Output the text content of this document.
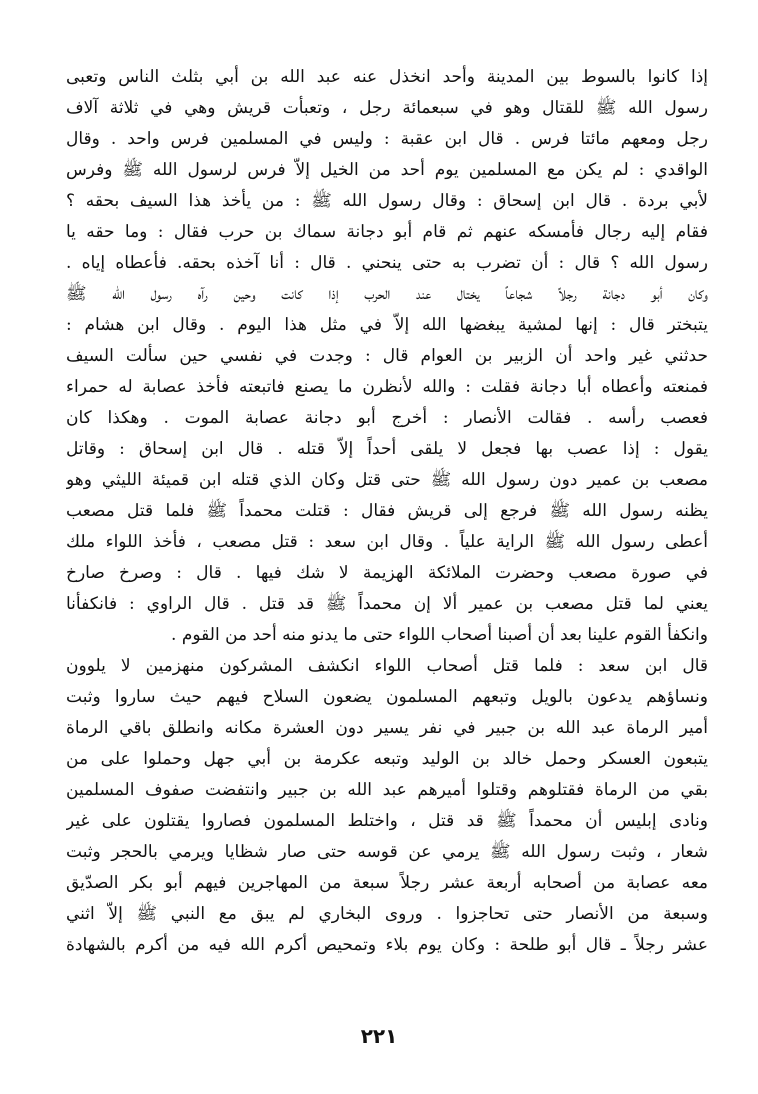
إذا كانوا بالسوط بين المدينة وأحد انخذل عنه عبد الله بن أبي بثلث الناس وتعبى
رسول الله ﷺ للقتال وهو في سبعمائة رجل ، وتعبأت قريش وهي في ثلاثة آلاف
رجل ومعهم مائتا فرس . قال ابن عقبة : وليس في المسلمين فرس واحد . وقال
الواقدي : لم يكن مع المسلمين يوم أحد من الخيل إلاّ فرس لرسول الله ﷺ وفرس
لأبي بردة . قال ابن إسحاق : وقال رسول الله ﷺ : من يأخذ هذا السيف بحقه ؟
فقام إليه رجال فأمسكه عنهم ثم قام أبو دجانة سماك بن حرب فقال : وما حقه يا
رسول الله ؟ قال : أن تضرب به حتى ينحني . قال : أنا آخذه بحقه. فأعطاه إياه .
وكان أبو دجانة رجلاً شجاعاً يختال عند الحرب إذا كانت وحين رآه رسول الله ﷺ
يتبختر قال : إنها لمشية يبغضها الله إلاّ في مثل هذا اليوم . وقال ابن هشام :
حدثني غير واحد أن الزبير بن العوام قال : وجدت في نفسي حين سألت السيف
فمنعته وأعطاه أبا دجانة فقلت : والله لأنظرن ما يصنع فاتبعته فأخذ عصابة له حمراء
فعصب رأسه . فقالت الأنصار : أخرج أبو دجانة عصابة الموت . وهكذا كان
يقول : إذا عصب بها فجعل لا يلقى أحداً إلاّ قتله . قال ابن إسحاق : وقاتل
مصعب بن عمير دون رسول الله ﷺ حتى قتل وكان الذي قتله ابن قميئة الليثي وهو
يظنه رسول الله ﷺ فرجع إلى قريش فقال : قتلت محمداً ﷺ فلما قتل مصعب
أعطى رسول الله ﷺ الراية علياً . وقال ابن سعد : قتل مصعب ، فأخذ اللواء ملك
في صورة مصعب وحضرت الملائكة الهزيمة لا شك فيها . قال : وصرخ صارخ
يعني لما قتل مصعب بن عمير ألا إن محمداً ﷺ قد قتل . قال الراوي : فانكفأنا
وانكفأ القوم علينا بعد أن أصبنا أصحاب اللواء حتى ما يدنو منه أحد من القوم .
قال ابن سعد : فلما قتل أصحاب اللواء انكشف المشركون منهزمين لا يلوون
ونساؤهم يدعون بالويل وتبعهم المسلمون يضعون السلاح فيهم حيث ساروا وثبت
أمير الرماة عبد الله بن جبير في نفر يسير دون العشرة مكانه وانطلق باقي الرماة
يتبعون العسكر وحمل خالد بن الوليد وتبعه عكرمة بن أبي جهل وحملوا على من
بقي من الرماة فقتلوهم وقتلوا أميرهم عبد الله بن جبير وانتفضت صفوف المسلمين
ونادى إبليس أن محمداً ﷺ قد قتل ، واختلط المسلمون فصاروا يقتلون على غير
شعار ، وثبت رسول الله ﷺ يرمي عن قوسه حتى صار شظايا ويرمي بالحجر وثبت
معه عصابة من أصحابه أربعة عشر رجلاً سبعة من المهاجرين فيهم أبو بكر الصدّيق
وسبعة من الأنصار حتى تحاجزوا . وروى البخاري لم يبق مع النبي ﷺ إلاّ اثني
عشر رجلاً ـ قال أبو طلحة : وكان يوم بلاء وتمحيص أكرم الله فيه من أكرم بالشهادة
٢٢١
